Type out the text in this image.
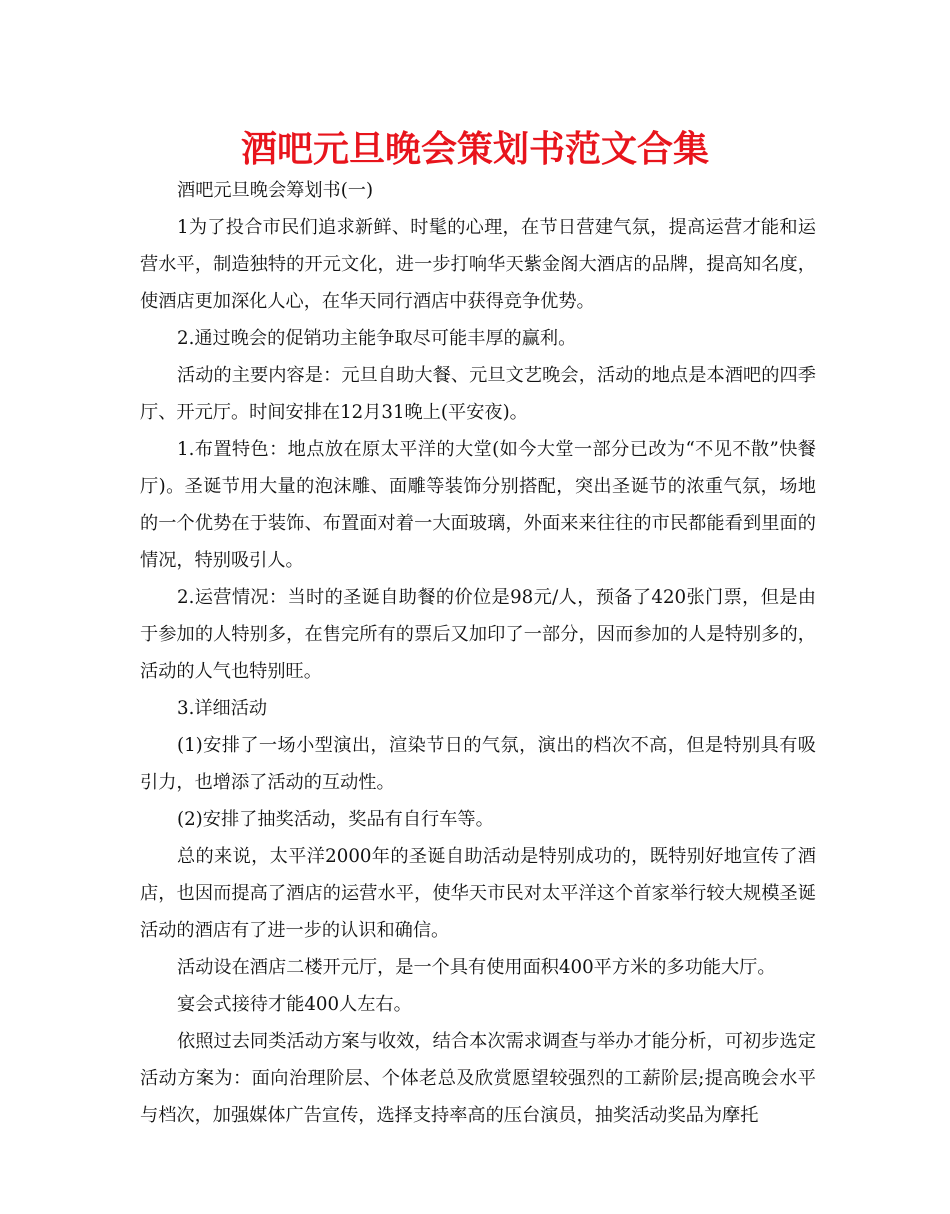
酒吧元旦晚会策划书范文合集

酒吧元旦晚会筹划书(一)

1为了投合市民们追求新鲜、时髦的心理，在节日营建气氛，提高运营才能和运营水平，制造独特的开元文化，进一步打响华天紫金阁大酒店的品牌，提高知名度，使酒店更加深化人心，在华天同行酒店中获得竞争优势。

2.通过晚会的促销功主能争取尽可能丰厚的赢利。

活动的主要内容是：元旦自助大餐、元旦文艺晚会，活动的地点是本酒吧的四季厅、开元厅。时间安排在12月31晚上(平安夜)。

1.布置特色：地点放在原太平洋的大堂(如今大堂一部分已改为“不见不散”快餐厅)。圣诞节用大量的泡沫雕、面雕等装饰分别搭配，突出圣诞节的浓重气氛，场地的一个优势在于装饰、布置面对着一大面玻璃，外面来来往往的市民都能看到里面的情况，特别吸引人。

2.运营情况：当时的圣诞自助餐的价位是98元/人，预备了420张门票，但是由于参加的人特别多，在售完所有的票后又加印了一部分，因而参加的人是特别多的，活动的人气也特别旺。

3.详细活动

(1)安排了一场小型演出，渲染节日的气氛，演出的档次不高，但是特别具有吸引力，也增添了活动的互动性。

(2)安排了抽奖活动，奖品有自行车等。

总的来说，太平洋2000年的圣诞自助活动是特别成功的，既特别好地宣传了酒店，也因而提高了酒店的运营水平，使华天市民对太平洋这个首家举行较大规模圣诞活动的酒店有了进一步的认识和确信。

活动设在酒店二楼开元厅，是一个具有使用面积400平方米的多功能大厅。

宴会式接待才能400人左右。

依照过去同类活动方案与收效，结合本次需求调查与举办才能分析，可初步选定活动方案为：面向治理阶层、个体老总及欣赏愿望较强烈的工薪阶层;提高晚会水平与档次，加强媒体广告宣传，选择支持率高的压台演员，抽奖活动奖品为摩托
